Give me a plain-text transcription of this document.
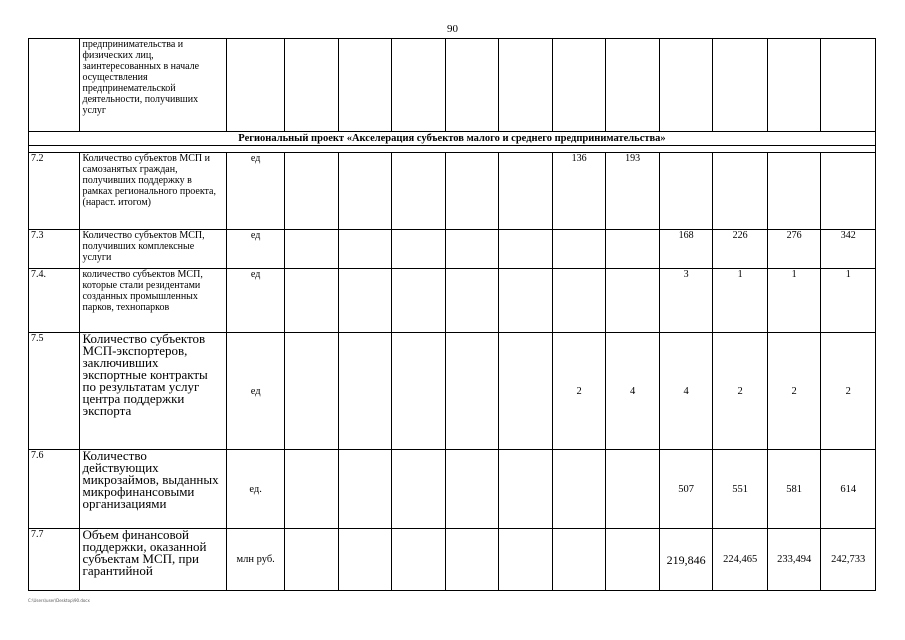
90
	предпринимательства и физических лиц, заинтересованных в начале осуществления предпринемательской деятельности, получивших услуг												
Региональный проект «Акселерация субъектов малого и среднего предпринимательства»													

7.2	Количество субъектов МСП и самозанятых граждан, получивших поддержку в рамках регионального проекта, (нараст. итогом)	ед						136	193				
7.3	Количество субъектов МСП, получивших комплексные услуги	ед								168	226	276	342
7.4.	количество субъектов МСП, которые стали резидентами созданных промышленных парков, технопарков	ед								3	1	1	1
7.5	Количество субъектов МСП-экспортеров, заключивших экспортные контракты по результатам услуг центра поддержки экспорта	ед						2	4	4	2	2	2
7.6	Количество действующих микрозаймов, выданных микрофинансовыми организациями	ед.								507	551	581	614
7.7	Объем финансовой поддержки, оказанной субъектам МСП, при гарантийной	млн руб.								219,846	224,465	233,494	242,733
C:\Users\user\Desktop\90.docx
